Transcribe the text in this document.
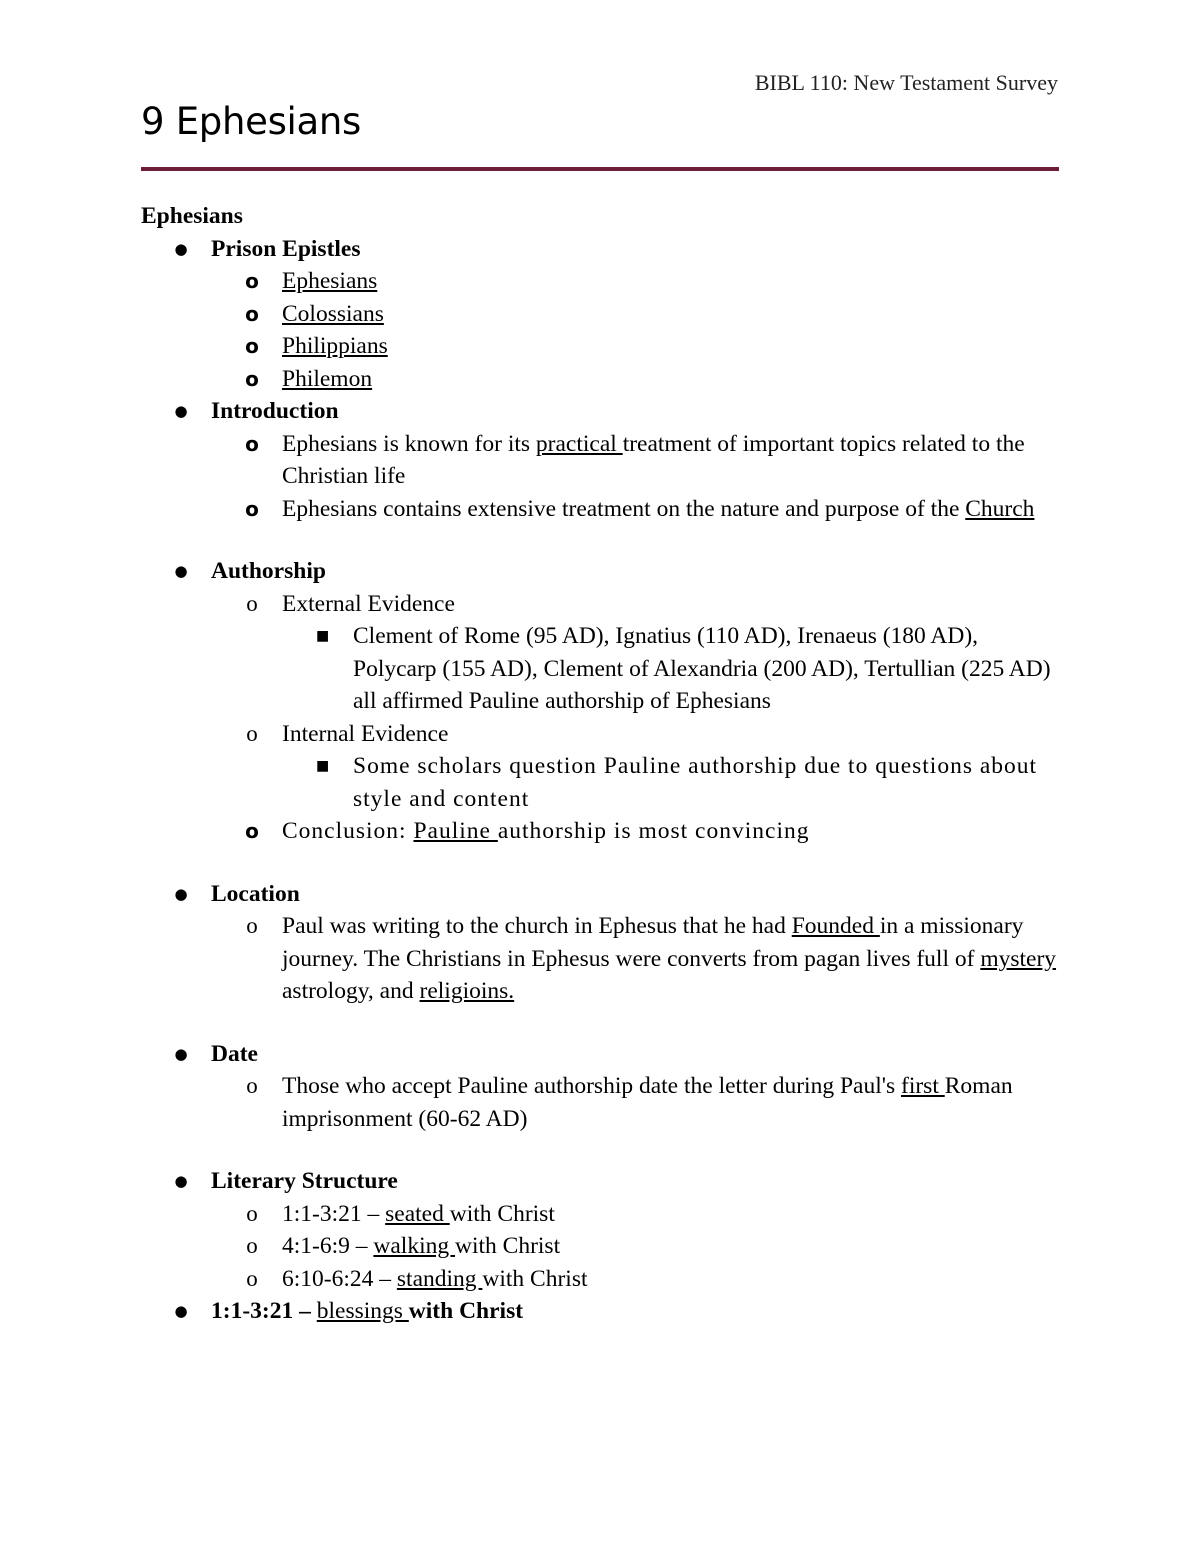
BIBL 110: New Testament Survey
9 Ephesians

Ephesians

● Prison Epistles
o Ephesians
o Colossians
o Philippians
o Philemon
● Introduction
o Ephesians is known for its practical treatment of important topics related to the Christian life
o Ephesians contains extensive treatment on the nature and purpose of the Church
● Authorship
o External Evidence
■ Clement of Rome (95 AD), Ignatius (110 AD), Irenaeus (180 AD), Polycarp (155 AD), Clement of Alexandria (200 AD), Tertullian (225 AD) all affirmed Pauline authorship of Ephesians
o Internal Evidence
■ Some scholars question Pauline authorship due to questions about style and content
o Conclusion: Pauline authorship is most convincing
● Location
o Paul was writing to the church in Ephesus that he had Founded in a missionary journey. The Christians in Ephesus were converts from pagan lives full of mystery astrology, and religioins.
● Date
o Those who accept Pauline authorship date the letter during Paul's first Roman imprisonment (60-62 AD)
● Literary Structure
o 1:1-3:21 – seated with Christ
o 4:1-6:9 – walking with Christ
o 6:10-6:24 – standing with Christ
● 1:1-3:21 – blessings with Christ
